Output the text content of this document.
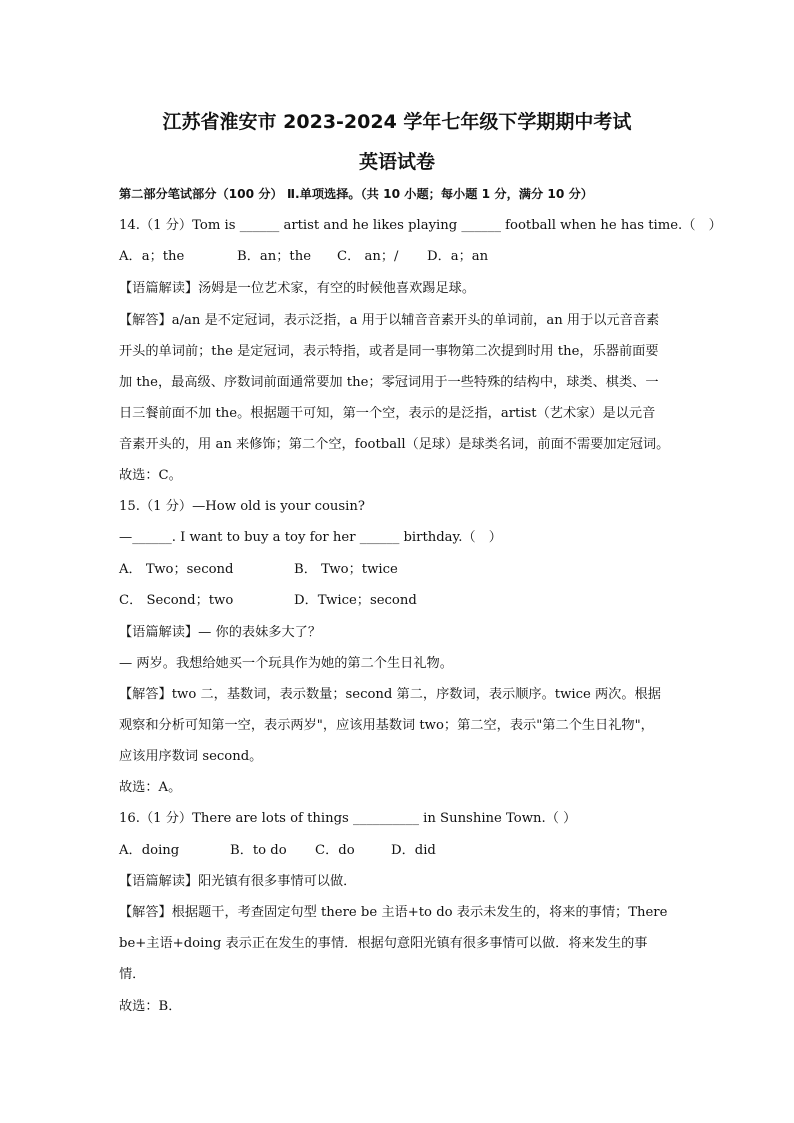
江苏省淮安市 2023-2024 学年七年级下学期期中考试
英语试卷
第二部分笔试部分（100 分） Ⅱ.单项选择。（共 10 小题；每小题 1 分，满分 10 分）
14.（1 分）Tom is ______ artist and he likes playing ______ football when he has time.（　）
A．a；the	B．an；the C． an；/ D．a；an
【语篇解读】汤姆是一位艺术家，有空的时候他喜欢踢足球。
【解答】a/an 是不定冠词，表示泛指，a 用于以辅音音素开头的单词前，an 用于以元音音素
开头的单词前；the 是定冠词，表示特指，或者是同一事物第二次提到时用 the，乐器前面要
加 the，最高级、序数词前面通常要加 the；零冠词用于一些特殊的结构中，球类、棋类、一
日三餐前面不加 the。根据题干可知，第一个空，表示的是泛指，artist（艺术家）是以元音
音素开头的，用 an 来修饰；第二个空，football（足球）是球类名词，前面不需要加定冠词。
故选：C。
15.（1 分）—How old is your cousin?
—______. I want to buy a toy for her ______ birthday.（　）
A． Two；second	B． Two；twice
C． Second；two	D．Twice；second
【语篇解读】— 你的表妹多大了？
— 两岁。我想给她买一个玩具作为她的第二个生日礼物。
【解答】two 二，基数词，表示数量；second 第二，序数词，表示顺序。twice 两次。根据
观察和分析可知第一空，表示两岁"，应该用基数词 two；第二空，表示"第二个生日礼物"，
应该用序数词 second。
故选：A。
16.（1 分）There are lots of things __________ in Sunshine Town.（ ）
A．doing	B．to do C．do	D．did
【语篇解读】阳光镇有很多事情可以做．
【解答】根据题干，考查固定句型 there be 主语+to do 表示未发生的，将来的事情；There
be+主语+doing 表示正在发生的事情．根据句意阳光镇有很多事情可以做．将来发生的事
情．
故选：B．
